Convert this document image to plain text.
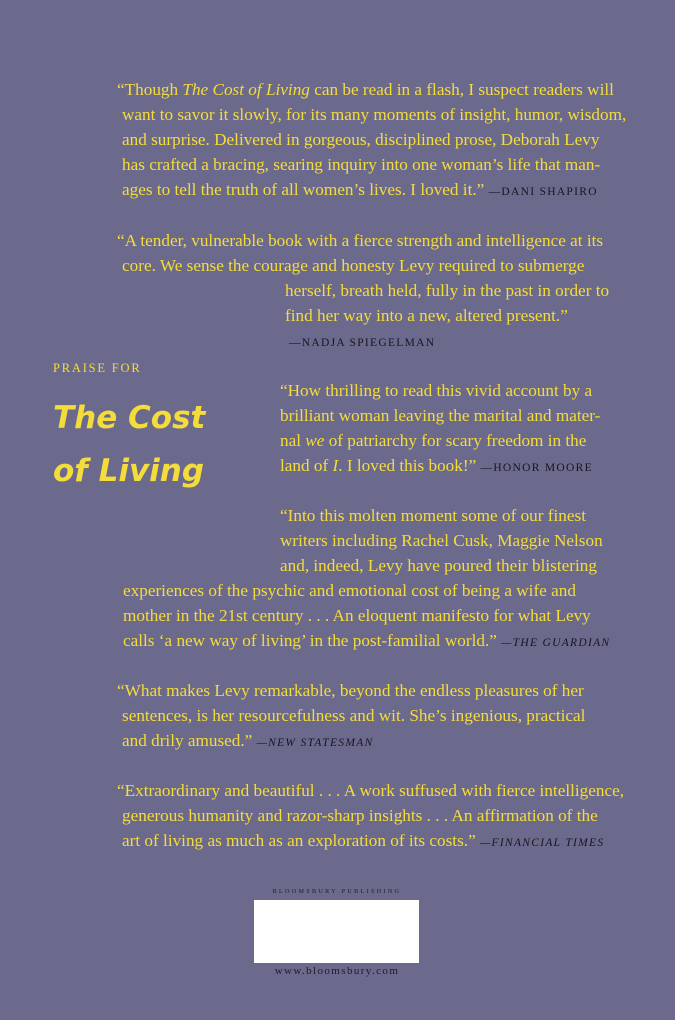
“Though The Cost of Living can be read in a flash, I suspect readers will
want to savor it slowly, for its many moments of insight, humor, wisdom,
and surprise. Delivered in gorgeous, disciplined prose, Deborah Levy
has crafted a bracing, searing inquiry into one woman’s life that man-
ages to tell the truth of all women’s lives. I loved it.” —DANI SHAPIRO
“A tender, vulnerable book with a fierce strength and intelligence at its
core. We sense the courage and honesty Levy required to submerge
herself, breath held, fully in the past in order to
find her way into a new, altered present.”
—NADJA SPIEGELMAN
“How thrilling to read this vivid account by a
brilliant woman leaving the marital and mater-
nal we of patriarchy for scary freedom in the
land of I. I loved this book!” —HONOR MOORE
“Into this molten moment some of our finest
writers including Rachel Cusk, Maggie Nelson
and, indeed, Levy have poured their blistering
experiences of the psychic and emotional cost of being a wife and
mother in the 21st century . . . An eloquent manifesto for what Levy
calls ‘a new way of living’ in the post-familial world.” —THE GUARDIAN
“What makes Levy remarkable, beyond the endless pleasures of her
sentences, is her resourcefulness and wit. She’s ingenious, practical
and drily amused.” —NEW STATESMAN
“Extraordinary and beautiful . . . A work suffused with fierce intelligence,
generous humanity and razor-sharp insights . . . An affirmation of the
art of living as much as an exploration of its costs.” —FINANCIAL TIMES
PRAISE FOR
The Cost
of Living
BLOOMSBURY PUBLISHING
www.bloomsbury.com
